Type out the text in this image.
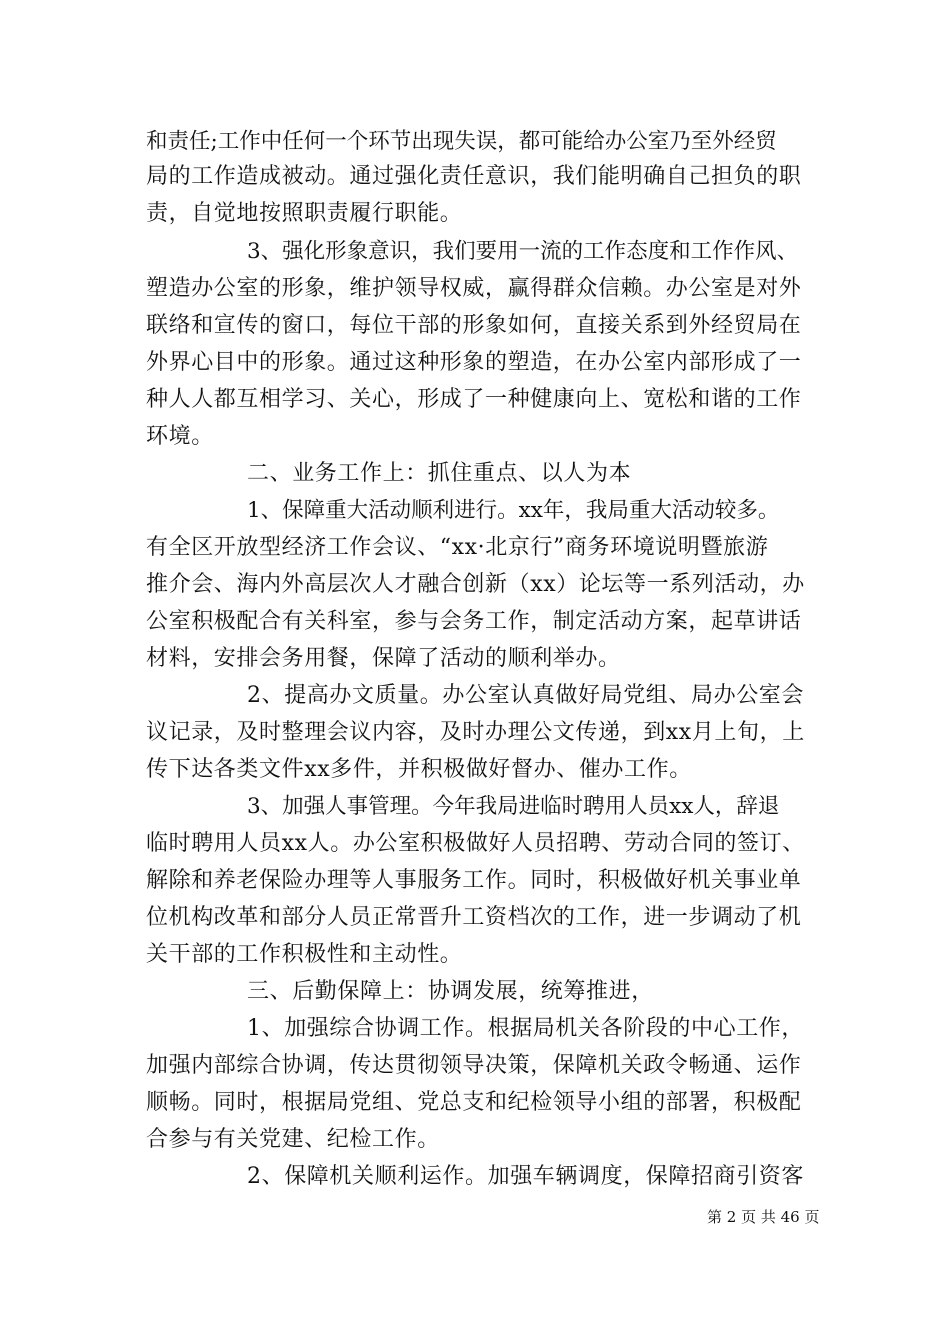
和责任;工作中任何一个环节出现失误，都可能给办公室乃至外经贸
局的工作造成被动。通过强化责任意识，我们能明确自己担负的职
责，自觉地按照职责履行职能。
3、强化形象意识，我们要用一流的工作态度和工作作风、
塑造办公室的形象，维护领导权威，赢得群众信赖。办公室是对外
联络和宣传的窗口，每位干部的形象如何，直接关系到外经贸局在
外界心目中的形象。通过这种形象的塑造，在办公室内部形成了一
种人人都互相学习、关心，形成了一种健康向上、宽松和谐的工作
环境。
二、业务工作上：抓住重点、以人为本
1、保障重大活动顺利进行。xx年，我局重大活动较多。
有全区开放型经济工作会议、“xx·北京行”商务环境说明暨旅游
推介会、海内外高层次人才融合创新（xx）论坛等一系列活动，办
公室积极配合有关科室，参与会务工作，制定活动方案，起草讲话
材料，安排会务用餐，保障了活动的顺利举办。
2、提高办文质量。办公室认真做好局党组、局办公室会
议记录，及时整理会议内容，及时办理公文传递，到xx月上旬，上
传下达各类文件xx多件，并积极做好督办、催办工作。
3、加强人事管理。今年我局进临时聘用人员xx人，辞退
临时聘用人员xx人。办公室积极做好人员招聘、劳动合同的签订、
解除和养老保险办理等人事服务工作。同时，积极做好机关事业单
位机构改革和部分人员正常晋升工资档次的工作，进一步调动了机
关干部的工作积极性和主动性。
三、后勤保障上：协调发展，统筹推进，
1、加强综合协调工作。根据局机关各阶段的中心工作，
加强内部综合协调，传达贯彻领导决策，保障机关政令畅通、运作
顺畅。同时，根据局党组、党总支和纪检领导小组的部署，积极配
合参与有关党建、纪检工作。
2、保障机关顺利运作。加强车辆调度，保障招商引资客
第 2 页 共 46 页
